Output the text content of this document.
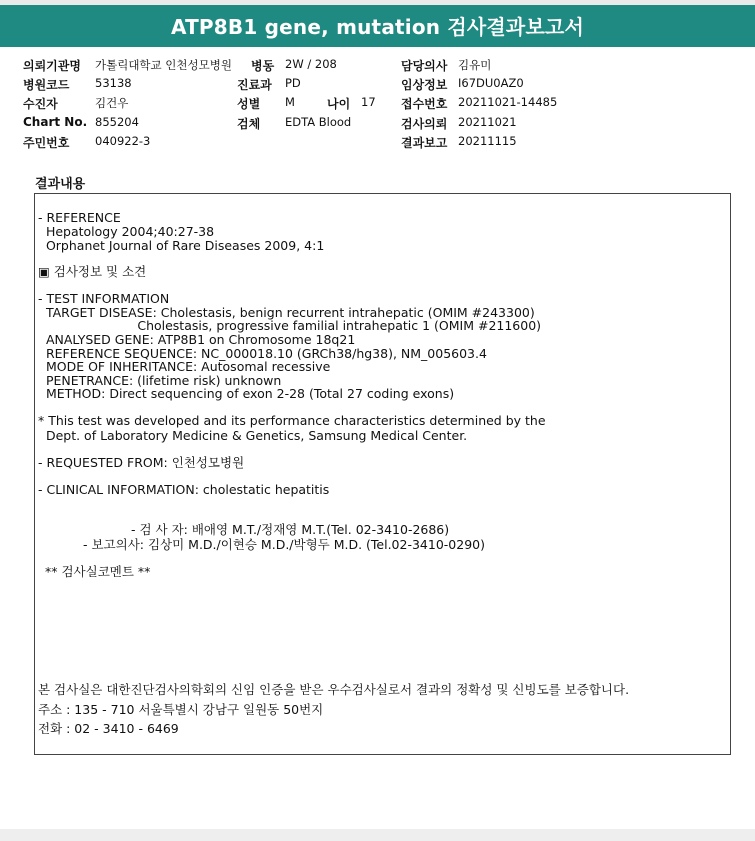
ATP8B1 gene, mutation 검사결과보고서
의뢰기관명 가톨릭대학교 인천성모병원 병동 2W / 208	담당의사 김유미
병원코드 53138	진료과 PD	임상정보 I67DU0AZ0
수진자	김건우	성별 M	나이 17 접수번호 20211021-14485
Chart No. 855204	검체 EDTA Blood	검사의뢰 20211021
주민번호 040922-3	결과보고 20211115
결과내용
- REFERENCE
Hepatology 2004;40:27-38
Orphanet Journal of Rare Diseases 2009, 4:1
▣ 검사정보 및 소견
- TEST INFORMATION
TARGET DISEASE: Cholestasis, benign recurrent intrahepatic (OMIM #243300)
Cholestasis, progressive familial intrahepatic 1 (OMIM #211600)
ANALYSED GENE: ATP8B1 on Chromosome 18q21
REFERENCE SEQUENCE: NC_000018.10 (GRCh38/hg38), NM_005603.4
MODE OF INHERITANCE: Autosomal recessive
PENETRANCE: (lifetime risk) unknown
METHOD: Direct sequencing of exon 2-28 (Total 27 coding exons)
* This test was developed and its performance characteristics determined by the
Dept. of Laboratory Medicine & Genetics, Samsung Medical Center.
- REQUESTED FROM: 인천성모병원
- CLINICAL INFORMATION: cholestatic hepatitis
- 검 사 자: 배애영 M.T./정재영 M.T.(Tel. 02-3410-2686)
- 보고의사: 김상미 M.D./이현승 M.D./박형두 M.D. (Tel.02-3410-0290)
** 검사실코멘트 **
본 검사실은 대한진단검사의학회의 신임 인증을 받은 우수검사실로서 결과의 정확성 및 신빙도를 보증합니다.
주소 : 135 - 710 서울특별시 강남구 일원동 50번지
전화 : 02 - 3410 - 6469
